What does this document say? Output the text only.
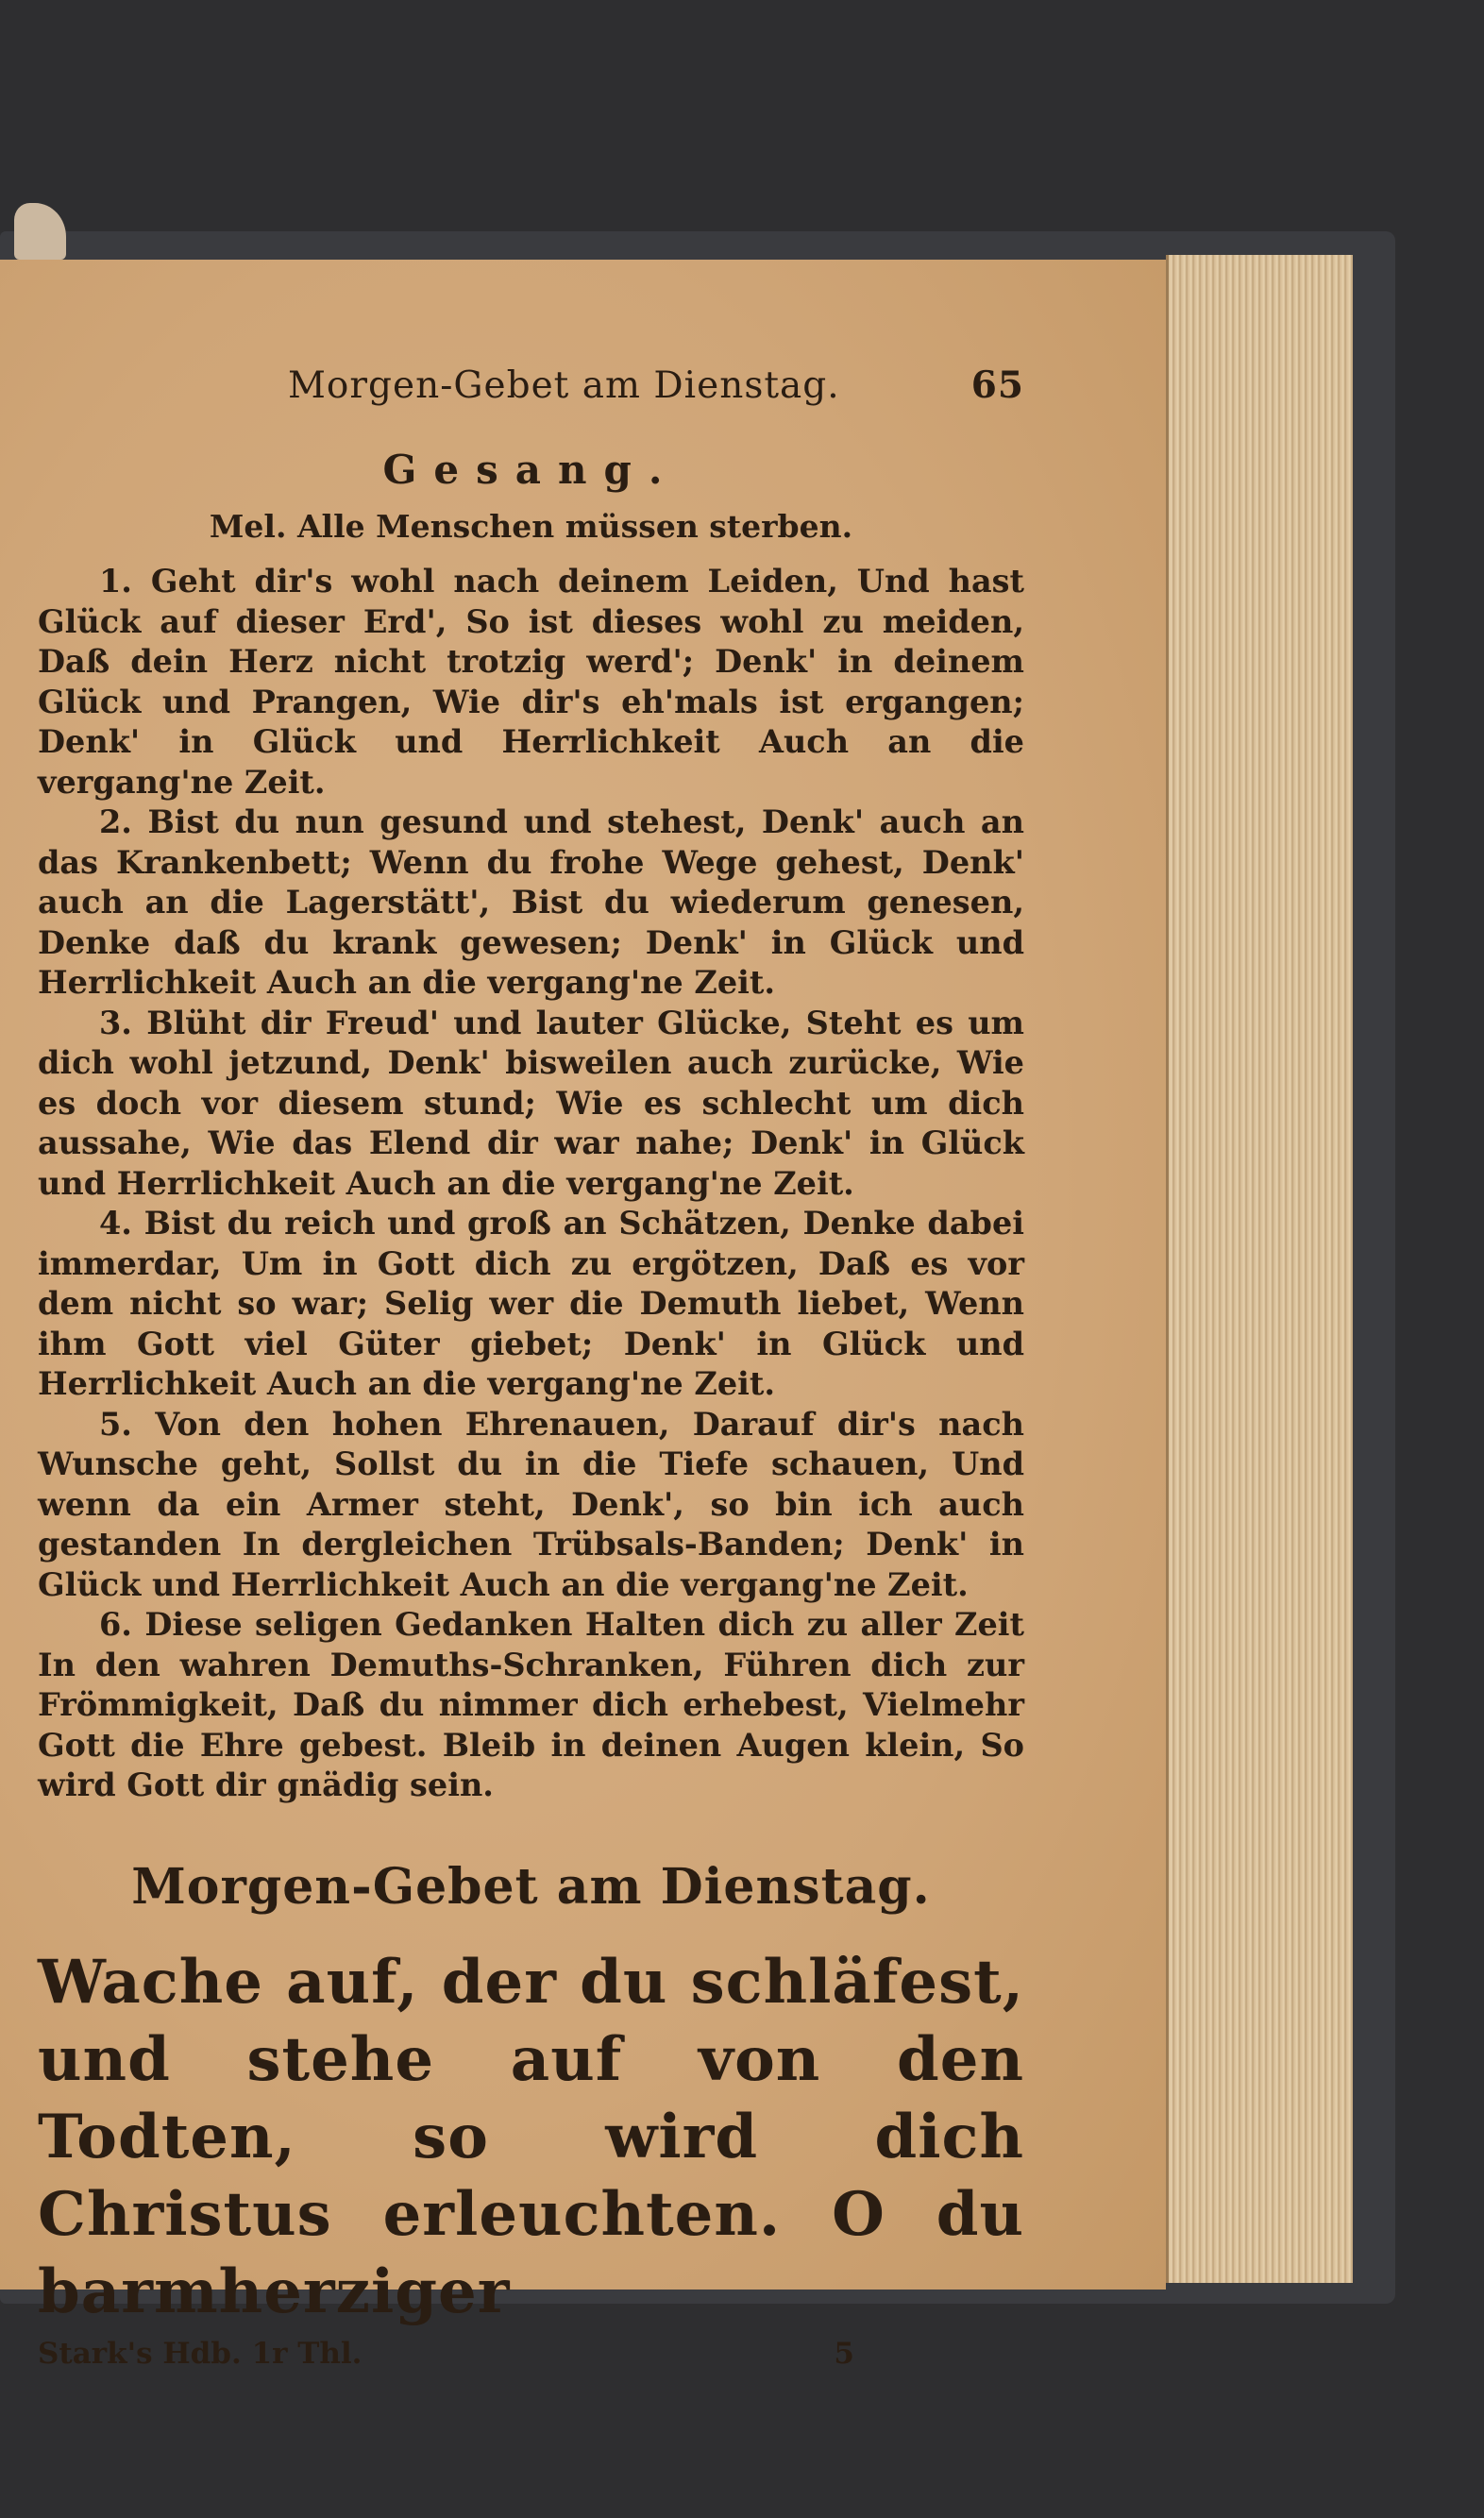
Morgen-Gebet am Dienstag.	65
Gesang.
Mel. Alle Menschen müssen sterben.

1. Geht dir's wohl nach deinem Leiden, Und hast Glück auf dieser Erd', So ist dieses wohl zu meiden, Daß dein Herz nicht trotzig werd'; Denk' in deinem Glück und Prangen, Wie dir's eh'mals ist ergangen; Denk' in Glück und Herrlichkeit Auch an die vergang'ne Zeit.

2. Bist du nun gesund und stehest, Denk' auch an das Krankenbett; Wenn du frohe Wege gehest, Denk' auch an die Lagerstätt', Bist du wiederum genesen, Denke daß du krank gewesen; Denk' in Glück und Herrlichkeit Auch an die vergang'ne Zeit.

3. Blüht dir Freud' und lauter Glücke, Steht es um dich wohl jetzund, Denk' bisweilen auch zurücke, Wie es doch vor diesem stund; Wie es schlecht um dich aussahe, Wie das Elend dir war nahe; Denk' in Glück und Herrlichkeit Auch an die vergang'ne Zeit.

4. Bist du reich und groß an Schätzen, Denke dabei immerdar, Um in Gott dich zu ergötzen, Daß es vor dem nicht so war; Selig wer die Demuth liebet, Wenn ihm Gott viel Güter giebet; Denk' in Glück und Herrlichkeit Auch an die vergang'ne Zeit.

5. Von den hohen Ehrenauen, Darauf dir's nach Wunsche geht, Sollst du in die Tiefe schauen, Und wenn da ein Armer steht, Denk', so bin ich auch gestanden In dergleichen Trübsals-Banden; Denk' in Glück und Herrlichkeit Auch an die vergang'ne Zeit.

6. Diese seligen Gedanken Halten dich zu aller Zeit In den wahren Demuths-Schranken, Führen dich zur Frömmigkeit, Daß du nimmer dich erhebest, Vielmehr Gott die Ehre gebest. Bleib in deinen Augen klein, So wird Gott dir gnädig sein.

Morgen-Gebet am Dienstag.
Wache auf, der du schläfest, und stehe auf von den Todten, so wird dich Christus erleuchten. O du barmherziger
Stark's Hdb. 1r Thl.	5
